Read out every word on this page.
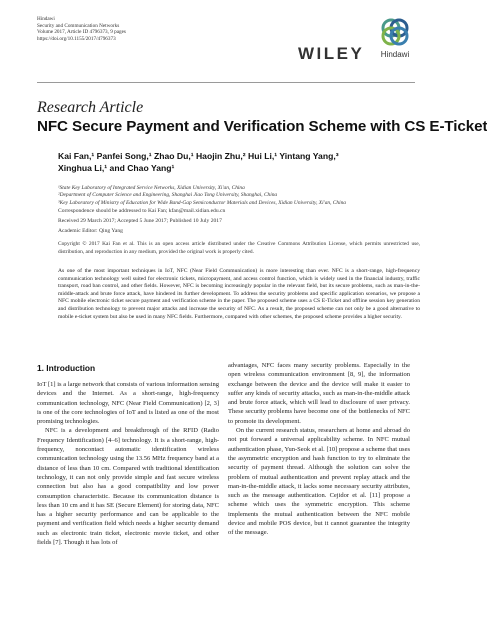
Hindawi
Security and Communication Networks
Volume 2017, Article ID 4796373, 9 pages
https://doi.org/10.1155/2017/4796373
WILEY	Hindawi
Research Article
NFC Secure Payment and Verification Scheme with CS E-Ticket
Kai Fan,¹ Panfei Song,¹ Zhao Du,¹ Haojin Zhu,² Hui Li,¹ Yintang Yang,³
Xinghua Li,¹ and Chao Yang¹
¹State Key Laboratory of Integrated Service Networks, Xidian University, Xi'an, China
²Department of Computer Science and Engineering, Shanghai Jiao Tong University, Shanghai, China
³Key Laboratory of Ministry of Education for Wide Band-Gap Semiconductor Materials and Devices, Xidian University, Xi'an, China
Correspondence should be addressed to Kai Fan; kfan@mail.xidian.edu.cn
Received 29 March 2017; Accepted 5 June 2017; Published 10 July 2017
Academic Editor: Qing Yang
Copyright © 2017 Kai Fan et al. This is an open access article distributed under the Creative Commons Attribution License, which permits unrestricted use, distribution, and reproduction in any medium, provided the original work is properly cited.
As one of the most important techniques in IoT, NFC (Near Field Communication) is more interesting than ever. NFC is a short-range, high-frequency communication technology well suited for electronic tickets, micropayment, and access control function, which is widely used in the financial industry, traffic transport, road ban control, and other fields. However, NFC is becoming increasingly popular in the relevant field, but its secure problems, such as man-in-the-middle-attack and brute force attack, have hindered its further development. To address the security problems and specific application scenarios, we propose a NFC mobile electronic ticket secure payment and verification scheme in the paper. The proposed scheme uses a CS E-Ticket and offline session key generation and distribution technology to prevent major attacks and increase the security of NFC. As a result, the proposed scheme can not only be a good alternative to mobile e-ticket system but also be used in many NFC fields. Furthermore, compared with other schemes, the proposed scheme provides a higher security.
1. Introduction

IoT [1] is a large network that consists of various information sensing devices and the Internet. As a short-range, high-frequency communication technology, NFC (Near Field Communication) [2, 3] is one of the core technologies of IoT and is listed as one of the most promising technologies.

NFC is a development and breakthrough of the RFID (Radio Frequency Identification) [4–6] technology. It is a short-range, high-frequency, noncontact automatic identification wireless communication technology using the 13.56 MHz frequency band at a distance of less than 10 cm. Compared with traditional identification technology, it can not only provide simple and fast secure wireless connection but also has a good compatibility and low power consumption characteristic. Because its communication distance is less than 10 cm and it has SE (Secure Element) for storing data, NFC has a higher security performance and can be applicable to the payment and verification field which needs a higher security demand such as electronic train ticket, electronic movie ticket, and other fields [7]. Though it has lots of

advantages, NFC faces many security problems. Especially in the open wireless communication environment [8, 9], the information exchange between the device and the device will make it easier to suffer any kinds of security attacks, such as man-in-the-middle attack and brute force attack, which will lead to disclosure of user privacy. These security problems have become one of the bottlenecks of NFC to promote its development.

On the current research status, researchers at home and abroad do not put forward a universal applicability scheme. In NFC mutual authentication phase, Yun-Seok et al. [10] propose a scheme that uses the asymmetric encryption and hash function to try to eliminate the security of payment thread. Although the solution can solve the problem of mutual authentication and prevent replay attack and the man-in-the-middle attack, it lacks some necessary security attributes, such as the message authentication. Cejidor et al. [11] propose a scheme which uses the symmetric encryption. This scheme implements the mutual authentication between the NFC mobile device and mobile POS device, but it cannot guarantee the integrity of the message.
